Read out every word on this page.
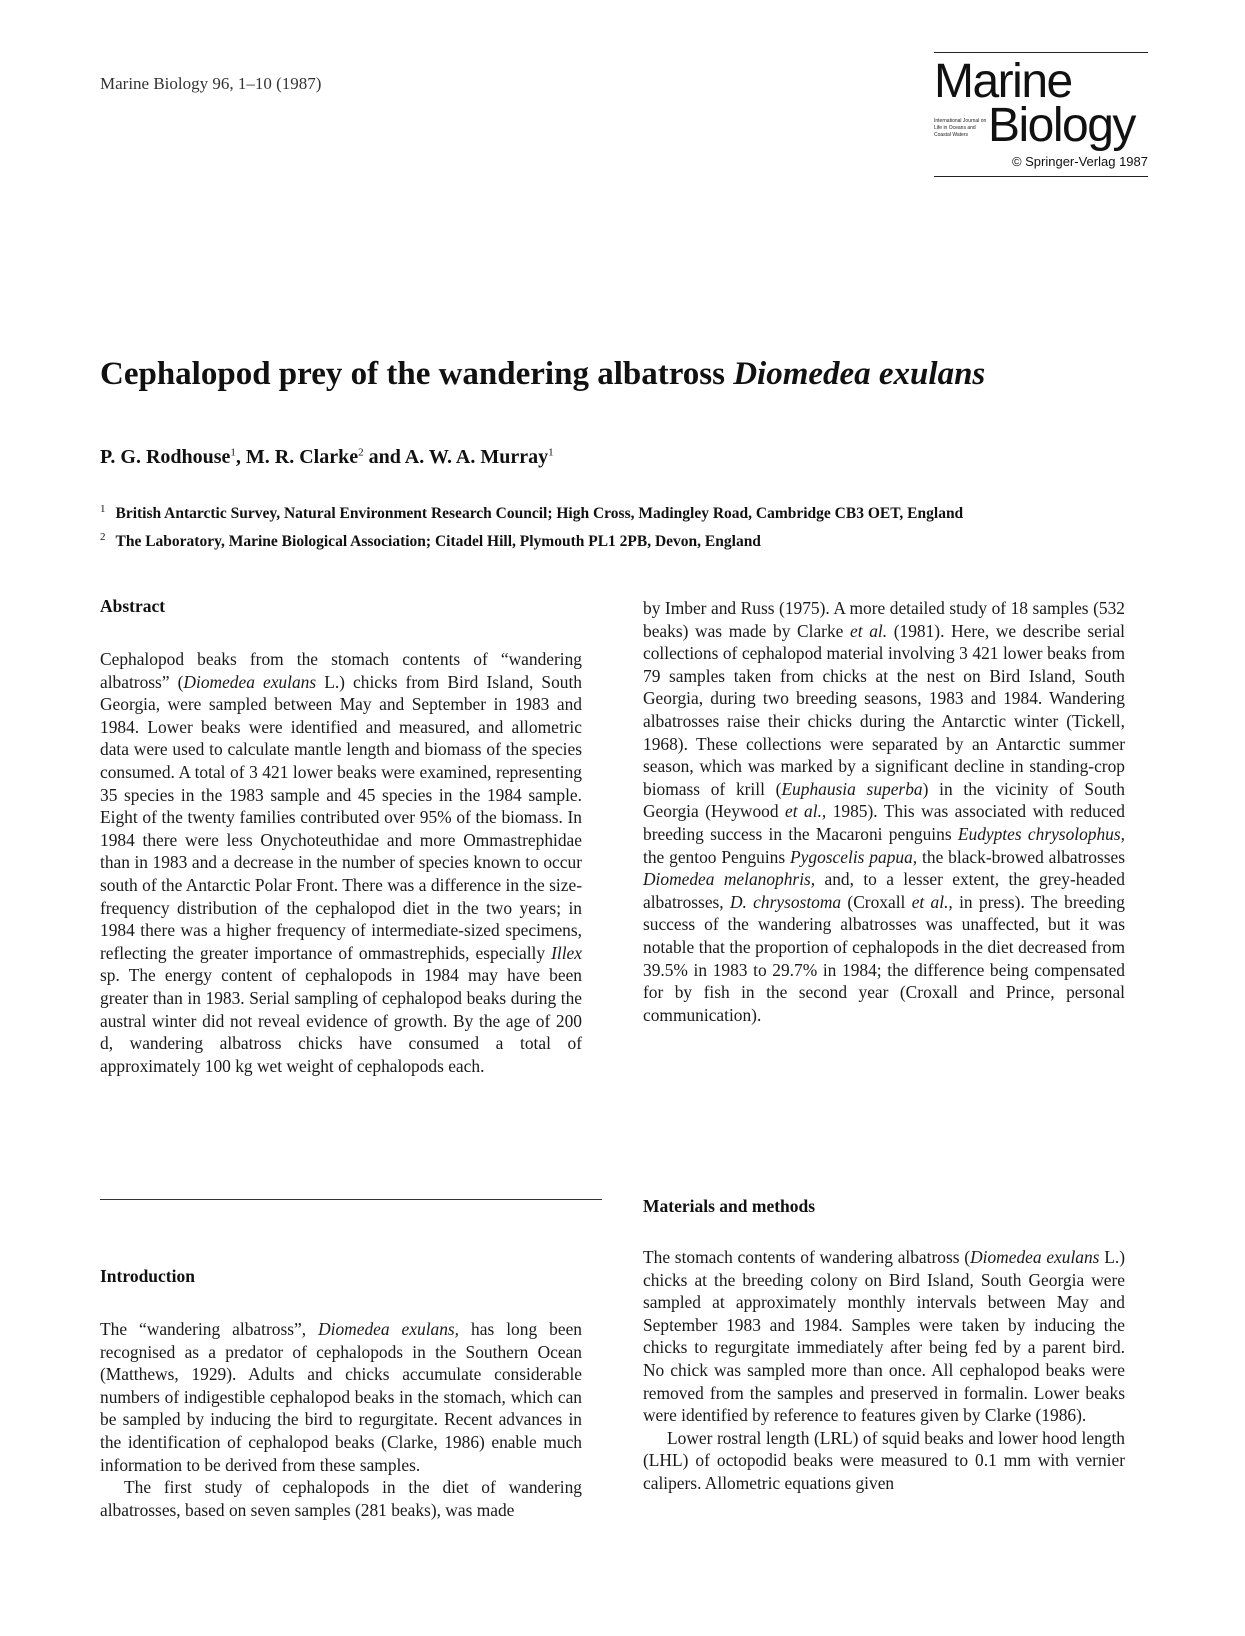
Marine Biology 96, 1–10 (1987)	Marine
International Journal on Life in Oceans and Coastal Waters Biology
© Springer-Verlag 1987
Cephalopod prey of the wandering albatross Diomedea exulans
P. G. Rodhouse$^1$, M. R. Clarke$^2$ and A. W. A. Murray$^1$
$^1$ British Antarctic Survey, Natural Environment Research Council; High Cross, Madingley Road, Cambridge CB3 OET, England
$^2$ The Laboratory, Marine Biological Association; Citadel Hill, Plymouth PL1 2PB, Devon, England
Abstract

Cephalopod beaks from the stomach contents of “wandering albatross” (Diomedea exulans L.) chicks from Bird Island, South Georgia, were sampled between May and September in 1983 and 1984. Lower beaks were identified and measured, and allometric data were used to calculate mantle length and biomass of the species consumed. A total of 3 421 lower beaks were examined, representing 35 species in the 1983 sample and 45 species in the 1984 sample. Eight of the twenty families contributed over 95% of the biomass. In 1984 there were less Onychoteuthidae and more Ommastrephidae than in 1983 and a decrease in the number of species known to occur south of the Antarctic Polar Front. There was a difference in the size-frequency distribution of the cephalopod diet in the two years; in 1984 there was a higher frequency of intermediate-sized specimens, reflecting the greater importance of ommastrephids, especially Illex sp. The energy content of cephalopods in 1984 may have been greater than in 1983. Serial sampling of cephalopod beaks during the austral winter did not reveal evidence of growth. By the age of 200 d, wandering albatross chicks have consumed a total of approximately 100 kg wet weight of cephalopods each.

Introduction

The “wandering albatross”, Diomedea exulans, has long been recognised as a predator of cephalopods in the Southern Ocean (Matthews, 1929). Adults and chicks accumulate considerable numbers of indigestible cephalopod beaks in the stomach, which can be sampled by inducing the bird to regurgitate. Recent advances in the identification of cephalopod beaks (Clarke, 1986) enable much information to be derived from these samples.

The first study of cephalopods in the diet of wandering albatrosses, based on seven samples (281 beaks), was made

by Imber and Russ (1975). A more detailed study of 18 samples (532 beaks) was made by Clarke et al. (1981). Here, we describe serial collections of cephalopod material involving 3 421 lower beaks from 79 samples taken from chicks at the nest on Bird Island, South Georgia, during two breeding seasons, 1983 and 1984. Wandering albatrosses raise their chicks during the Antarctic winter (Tickell, 1968). These collections were separated by an Antarctic summer season, which was marked by a significant decline in standing-crop biomass of krill (Euphausia superba) in the vicinity of South Georgia (Heywood et al., 1985). This was associated with reduced breeding success in the Macaroni penguins Eudyptes chrysolophus, the gentoo Penguins Pygoscelis papua, the black-browed albatrosses Diomedea melanophris, and, to a lesser extent, the grey-headed albatrosses, D. chrysostoma (Croxall et al., in press). The breeding success of the wandering albatrosses was unaffected, but it was notable that the proportion of cephalopods in the diet decreased from 39.5% in 1983 to 29.7% in 1984; the difference being compensated for by fish in the second year (Croxall and Prince, personal communication).

Materials and methods

The stomach contents of wandering albatross (Diomedea exulans L.) chicks at the breeding colony on Bird Island, South Georgia were sampled at approximately monthly intervals between May and September 1983 and 1984. Samples were taken by inducing the chicks to regurgitate immediately after being fed by a parent bird. No chick was sampled more than once. All cephalopod beaks were removed from the samples and preserved in formalin. Lower beaks were identified by reference to features given by Clarke (1986).

Lower rostral length (LRL) of squid beaks and lower hood length (LHL) of octopodid beaks were measured to 0.1 mm with vernier calipers. Allometric equations given
